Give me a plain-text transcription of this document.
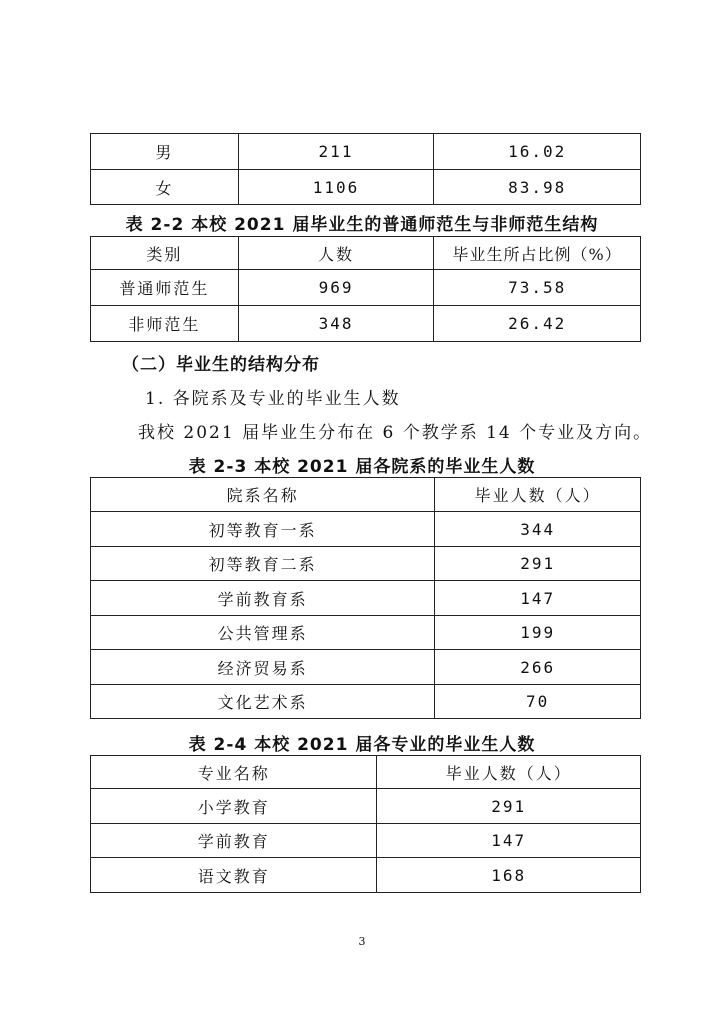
男	211	16.02
女	1106	83.98
表 2-2 本校 2021 届毕业生的普通师范生与非师范生结构
类别	人数	毕业生所占比例（%）
普通师范生	969	73.58
非师范生	348	26.42
（二）毕业生的结构分布
1. 各院系及专业的毕业生人数
我校 2021 届毕业生分布在 6 个教学系 14 个专业及方向。
表 2-3 本校 2021 届各院系的毕业生人数
院系名称	毕业人数（人）
初等教育一系	344
初等教育二系	291
学前教育系	147
公共管理系	199
经济贸易系	266
文化艺术系	70
表 2-4 本校 2021 届各专业的毕业生人数
专业名称	毕业人数（人）
小学教育	291
学前教育	147
语文教育	168
3
